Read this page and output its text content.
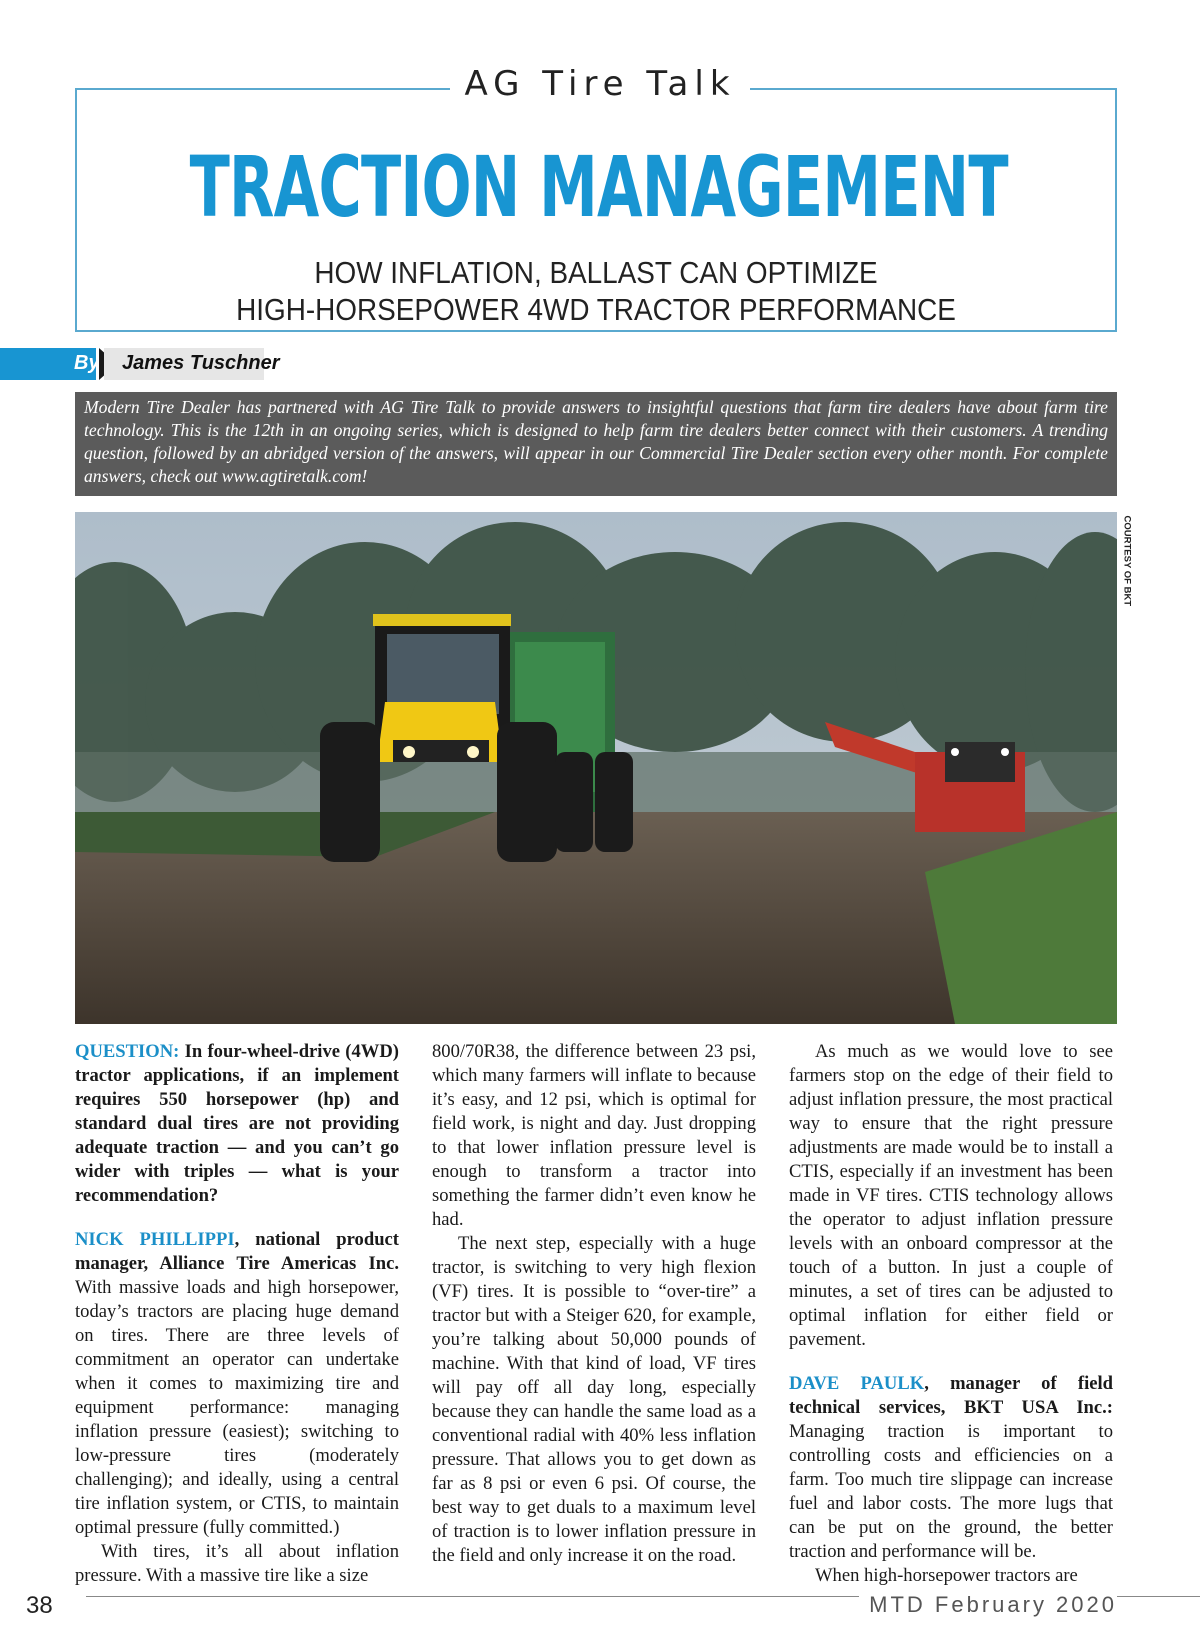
AG Tire Talk
TRACTION MANAGEMENT
HOW INFLATION, BALLAST CAN OPTIMIZE
HIGH-HORSEPOWER 4WD TRACTOR PERFORMANCE
By James Tuschner
Modern Tire Dealer has partnered with AG Tire Talk to provide answers to insightful questions that farm tire dealers have about farm tire technology. This is the 12th in an ongoing series, which is designed to help farm tire dealers better connect with their customers. A trending question, followed by an abridged version of the answers, will appear in our Commercial Tire Dealer section every other month. For complete answers, check out www.agtiretalk.com!
COURTESY OF BKT

QUESTION: In four-wheel-drive (4WD) tractor applications, if an implement requires 550 horsepower (hp) and standard dual tires are not providing adequate traction — and you can’t go wider with triples — what is your recommendation?

NICK PHILLIPPI, national product manager, Alliance Tire Americas Inc. With massive loads and high horsepower, today’s tractors are placing huge demand on tires. There are three levels of commitment an operator can undertake when it comes to maximizing tire and equipment performance: managing inflation pressure (easiest); switching to low-pressure tires (moderately challenging); and ideally, using a central tire inflation system, or CTIS, to maintain optimal pressure (fully committed.)

With tires, it’s all about inflation pressure. With a massive tire like a size

800/70R38, the difference between 23 psi, which many farmers will inflate to because it’s easy, and 12 psi, which is optimal for field work, is night and day. Just dropping to that lower inflation pressure level is enough to transform a tractor into something the farmer didn’t even know he had.

The next step, especially with a huge tractor, is switching to very high flexion (VF) tires. It is possible to “over-tire” a tractor but with a Steiger 620, for example, you’re talking about 50,000 pounds of machine. With that kind of load, VF tires will pay off all day long, especially because they can handle the same load as a conventional radial with 40% less inflation pressure. That allows you to get down as far as 8 psi or even 6 psi. Of course, the best way to get duals to a maximum level of traction is to lower inflation pressure in the field and only increase it on the road.

As much as we would love to see farmers stop on the edge of their field to adjust inflation pressure, the most practical way to ensure that the right pressure adjustments are made would be to install a CTIS, especially if an investment has been made in VF tires. CTIS technology allows the operator to adjust inflation pressure levels with an onboard compressor at the touch of a button. In just a couple of minutes, a set of tires can be adjusted to optimal inflation for either field or pavement.

DAVE PAULK, manager of field technical services, BKT USA Inc.: Managing traction is important to controlling costs and efficiencies on a farm. Too much tire slippage can increase fuel and labor costs. The more lugs that can be put on the ground, the better traction and performance will be.

When high-horsepower tractors are

38	MTD February 2020
